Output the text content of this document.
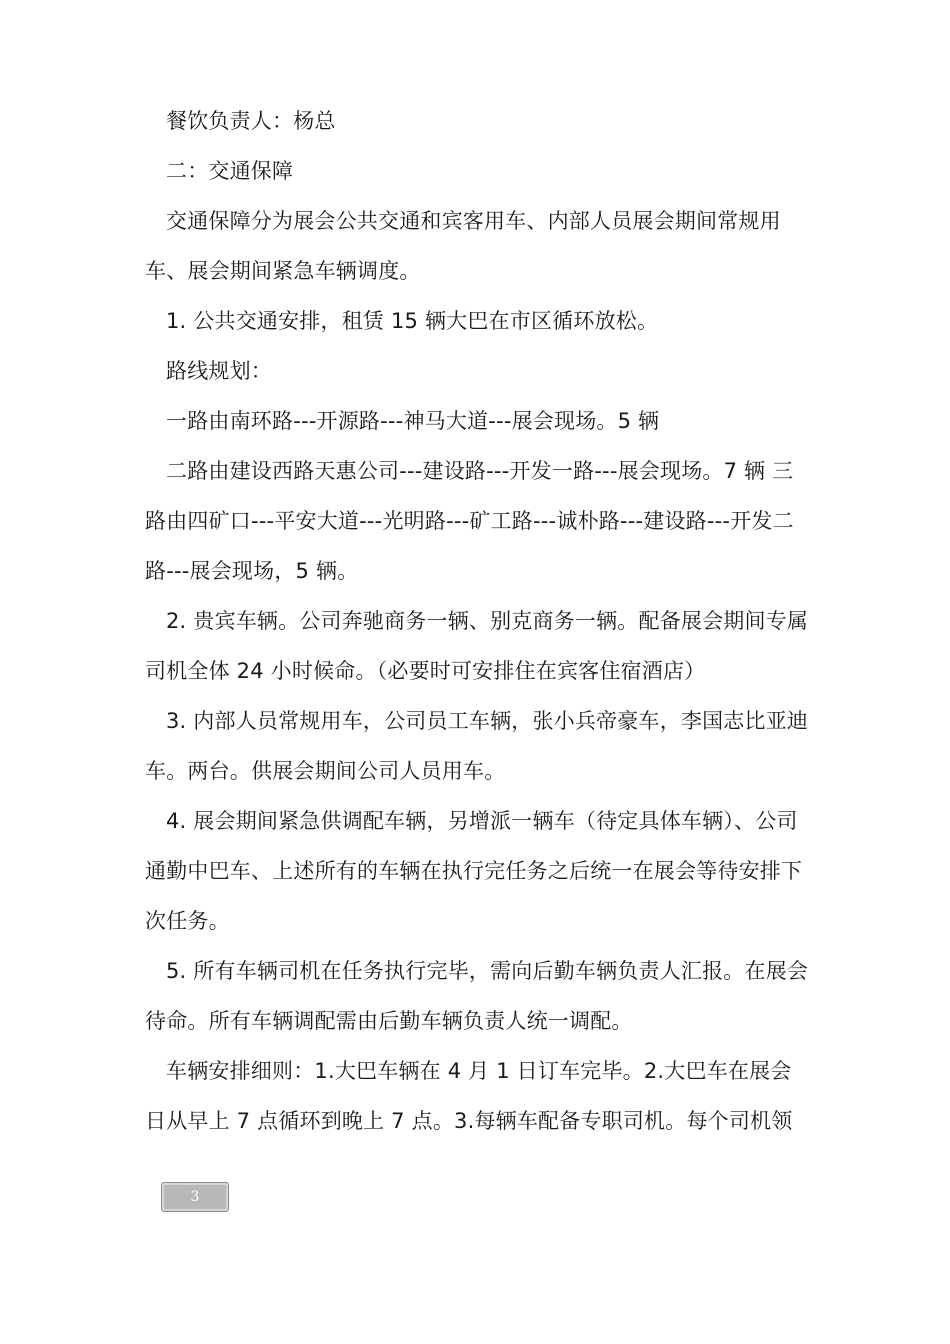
餐饮负责人：杨总

二：交通保障

交通保障分为展会公共交通和宾客用车、内部人员展会期间常规用车、展会期间紧急车辆调度。

1. 公共交通安排，租赁 15 辆大巴在市区循环放松。

路线规划：

一路由南环路---开源路---神马大道---展会现场。5 辆

二路由建设西路天惠公司---建设路---开发一路---展会现场。7 辆 三路由四矿口---平安大道---光明路---矿工路---诚朴路---建设路---开发二路---展会现场，5 辆。

2. 贵宾车辆。公司奔驰商务一辆、别克商务一辆。配备展会期间专属司机全体 24 小时候命。（必要时可安排住在宾客住宿酒店）

3. 内部人员常规用车，公司员工车辆，张小兵帝豪车，李国志比亚迪车。两台。供展会期间公司人员用车。

4. 展会期间紧急供调配车辆，另增派一辆车（待定具体车辆）、公司通勤中巴车、上述所有的车辆在执行完任务之后统一在展会等待安排下次任务。

5. 所有车辆司机在任务执行完毕，需向后勤车辆负责人汇报。在展会待命。所有车辆调配需由后勤车辆负责人统一调配。

车辆安排细则：1.大巴车辆在 4 月 1 日订车完毕。2.大巴车在展会日从早上 7 点循环到晚上 7 点。3.每辆车配备专职司机。每个司机领

3
